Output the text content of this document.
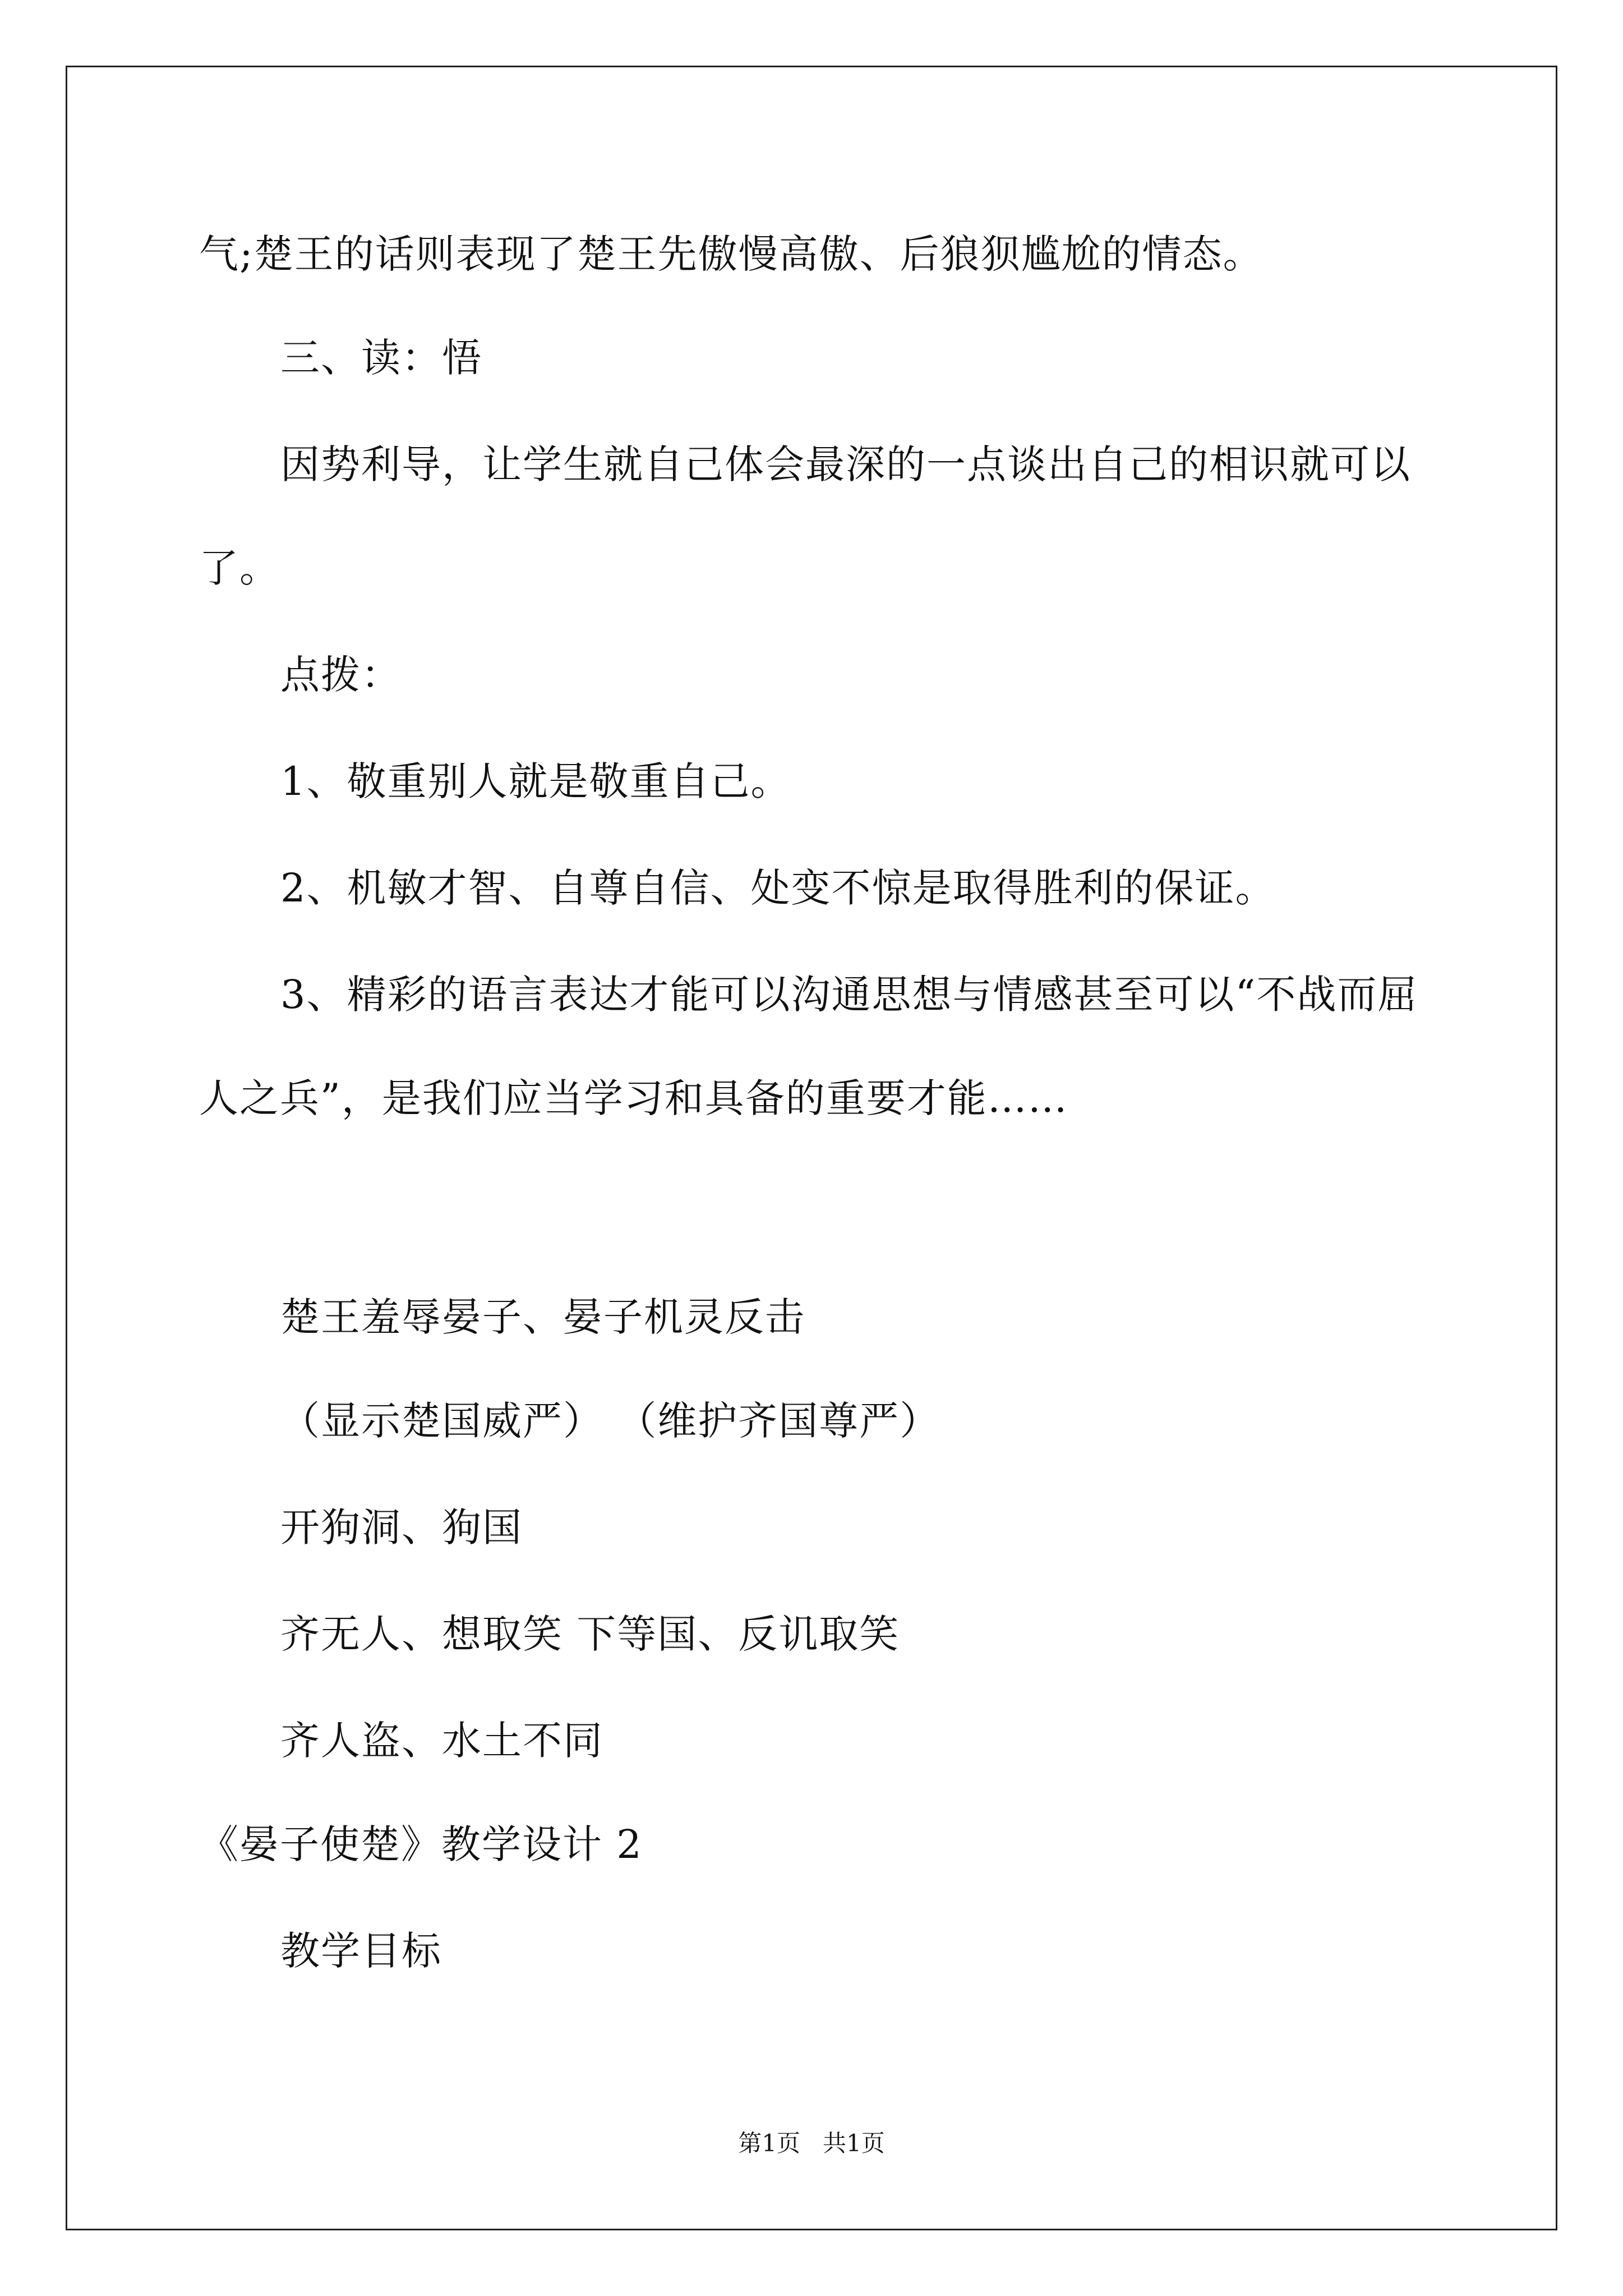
气;楚王的话则表现了楚王先傲慢高傲、后狼狈尴尬的情态。
三、读：悟
因势利导，让学生就自己体会最深的一点谈出自己的相识就可以
了。
点拨：
1、敬重别人就是敬重自己。
2、机敏才智、自尊自信、处变不惊是取得胜利的保证。
3、精彩的语言表达才能可以沟通思想与情感甚至可以“不战而屈
人之兵”，是我们应当学习和具备的重要才能……
楚王羞辱晏子、晏子机灵反击
（显示楚国威严） （维护齐国尊严）
开狗洞、狗国
齐无人、想取笑 下等国、反讥取笑
齐人盗、水土不同
《晏子使楚》教学设计 2
教学目标
第1页   共1页
